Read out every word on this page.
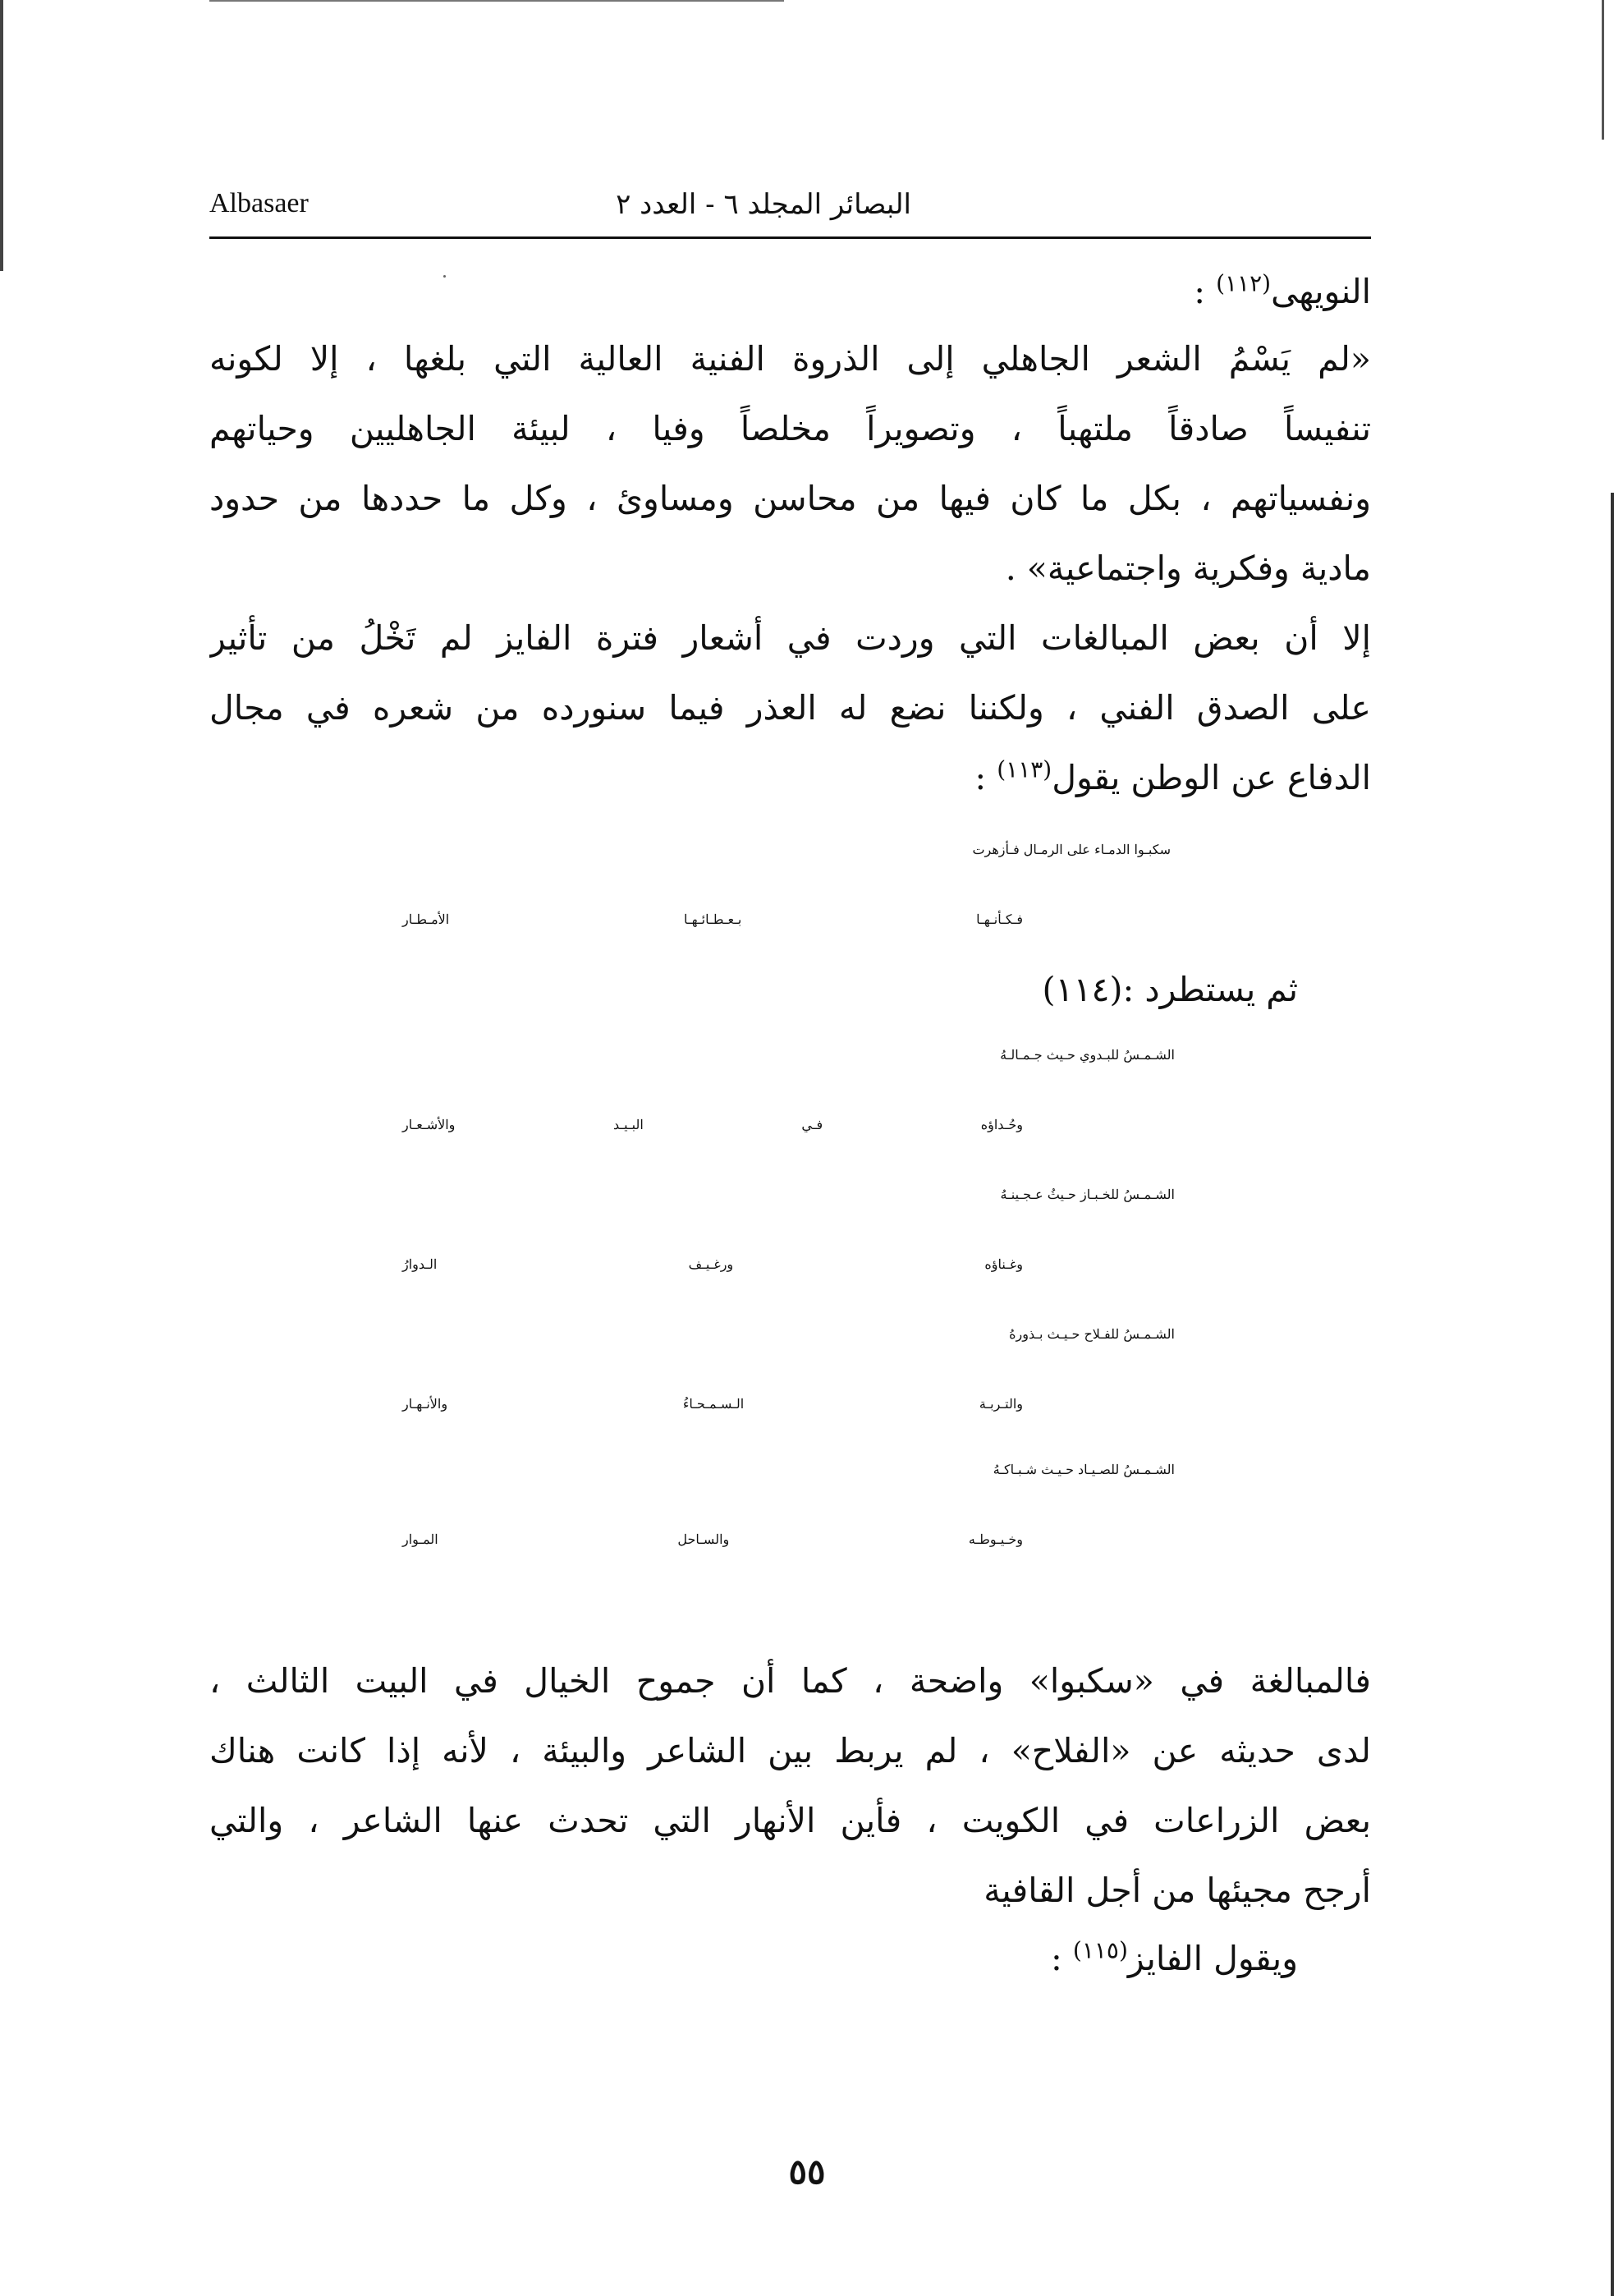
البصائر المجلد ٦ - العدد ٢
Albasaer
النويهى$^{(١١٢)}$ :
«لم يَسْمُ الشعر الجاهلي إلى الذروة الفنية العالية التي بلغها ، إلا لكونه
تنفيساً صادقاً ملتهباً ، وتصويراً مخلصاً وفيا ، لبيئة الجاهليين وحياتهم
ونفسياتهم ، بكل ما كان فيها من محاسن ومساوئ ، وكل ما حددها من حدود
مادية وفكرية واجتماعية» .
إلا أن بعض المبالغات التي وردت في أشعار فترة الفايز لم تَخْلُ من تأثير
على الصدق الفني ، ولكننا نضع له العذر فيما سنورده من شعره في مجال
الدفاع عن الوطن يقول$^{(١١٣)}$ :
سكبـوا الدمـاء على الرمـال فـأزهرت
فـكـأنـهـا بـعـطـائـهـا الأمـطـار
ثم يستطرد :(١١٤)
الشـمـسُ للبـدوي حـيث جـمـالـهُ
وحُـداؤه فـي البـيـد والأشـعـار
الشـمـسُ للخـبـاز حـيثُ عـجـينـهُ
وغـناؤه ورغـيـف الـدوارُ
الشـمـسُ للفـلاح حـيـث بـذورهُ
والتـربـة الـسـمـحـاءُ والأنـهـار
الشـمـسُ للصـيـاد حـيـث شـبـاكـهُ
وخـيـوطـه والسـاحل المـوار
فالمبالغة في «سكبوا» واضحة ، كما أن جموح الخيال في البيت الثالث ،
لدى حديثه عن «الفلاح» ، لم يربط بين الشاعر والبيئة ، لأنه إذا كانت هناك
بعض الزراعات في الكويت ، فأين الأنهار التي تحدث عنها الشاعر ، والتي
أرجح مجيئها من أجل القافية
ويقول الفايز$^{(١١٥)}$ :
٥٥
